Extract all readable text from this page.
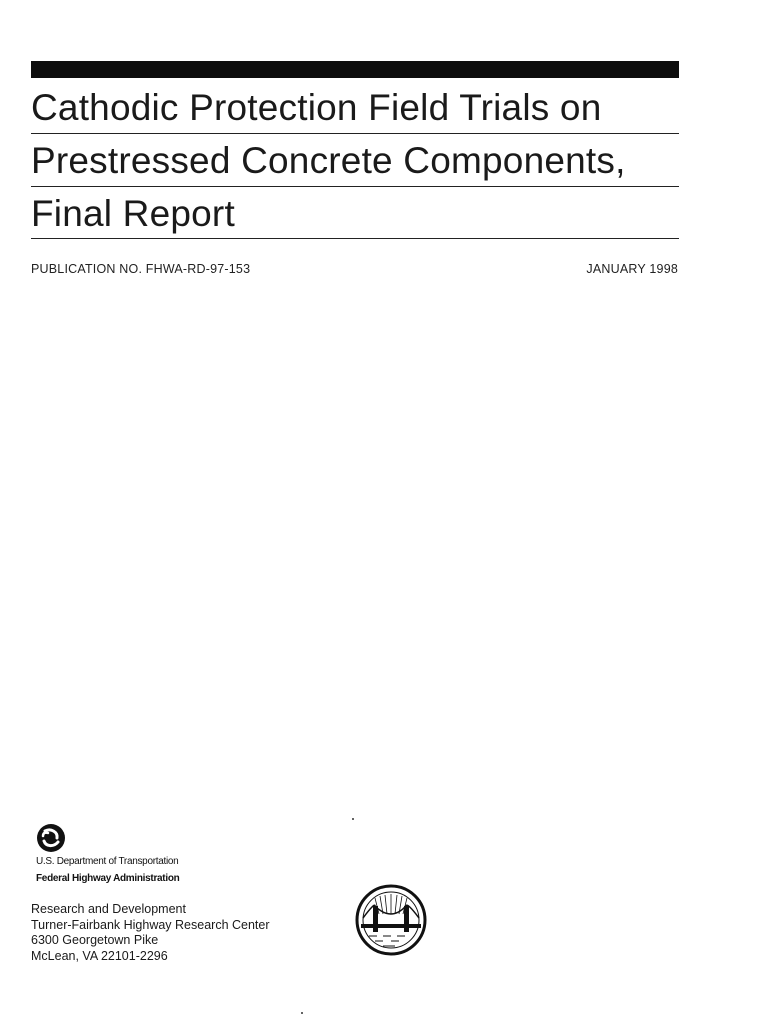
Cathodic Protection Field Trials on
Prestressed Concrete Components,
Final Report
PUBLICATION NO. FHWA-RD-97-153	JANUARY 1998
U.S. Department of Transportation
Federal Highway Administration
Research and Development
Turner-Fairbank Highway Research Center
6300 Georgetown Pike
McLean, VA 22101-2296
